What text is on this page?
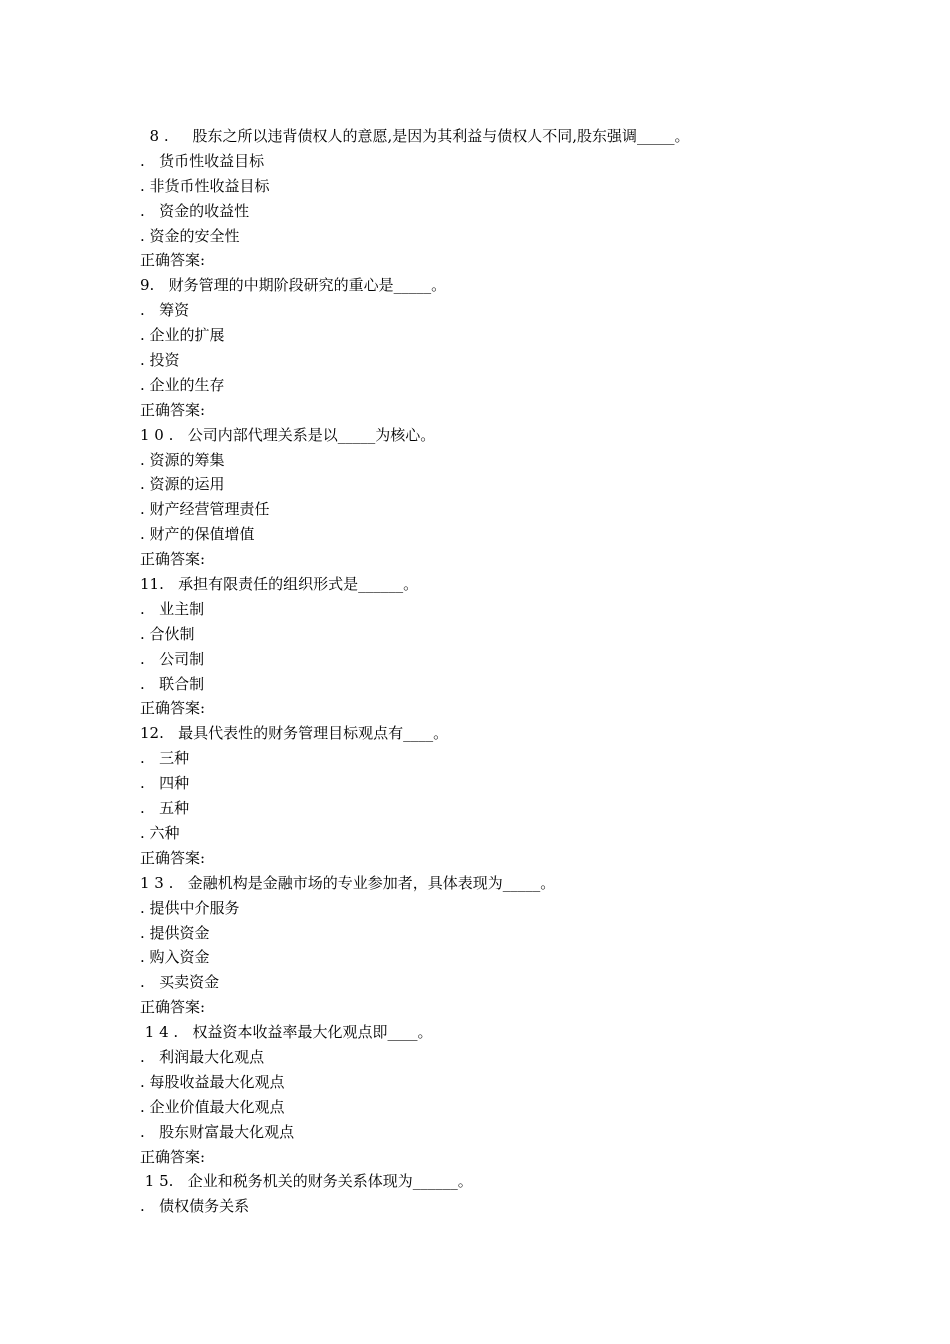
8 .     股东之所以违背债权人的意愿,是因为其利益与债权人不同,股东强调_____。
.   货币性收益目标
. 非货币性收益目标
.   资金的收益性
. 资金的安全性
正确答案:
9.   财务管理的中期阶段研究的重心是_____。
.   筹资
. 企业的扩展
. 投资
. 企业的生存
正确答案:
1 0 .   公司内部代理关系是以_____为核心。
. 资源的筹集
. 资源的运用
. 财产经营管理责任
. 财产的保值增值
正确答案:
11.   承担有限责任的组织形式是______。
.   业主制
. 合伙制
.   公司制
.   联合制
正确答案:
12.   最具代表性的财务管理目标观点有____。
.   三种
.   四种
.   五种
. 六种
正确答案:
1 3 .   金融机构是金融市场的专业参加者，具体表现为_____。
. 提供中介服务
. 提供资金
. 购入资金
.   买卖资金
正确答案:
1 4 .   权益资本收益率最大化观点即____。
.   利润最大化观点
. 每股收益最大化观点
. 企业价值最大化观点
.   股东财富最大化观点
正确答案:
1 5.   企业和税务机关的财务关系体现为______。
.   债权债务关系
